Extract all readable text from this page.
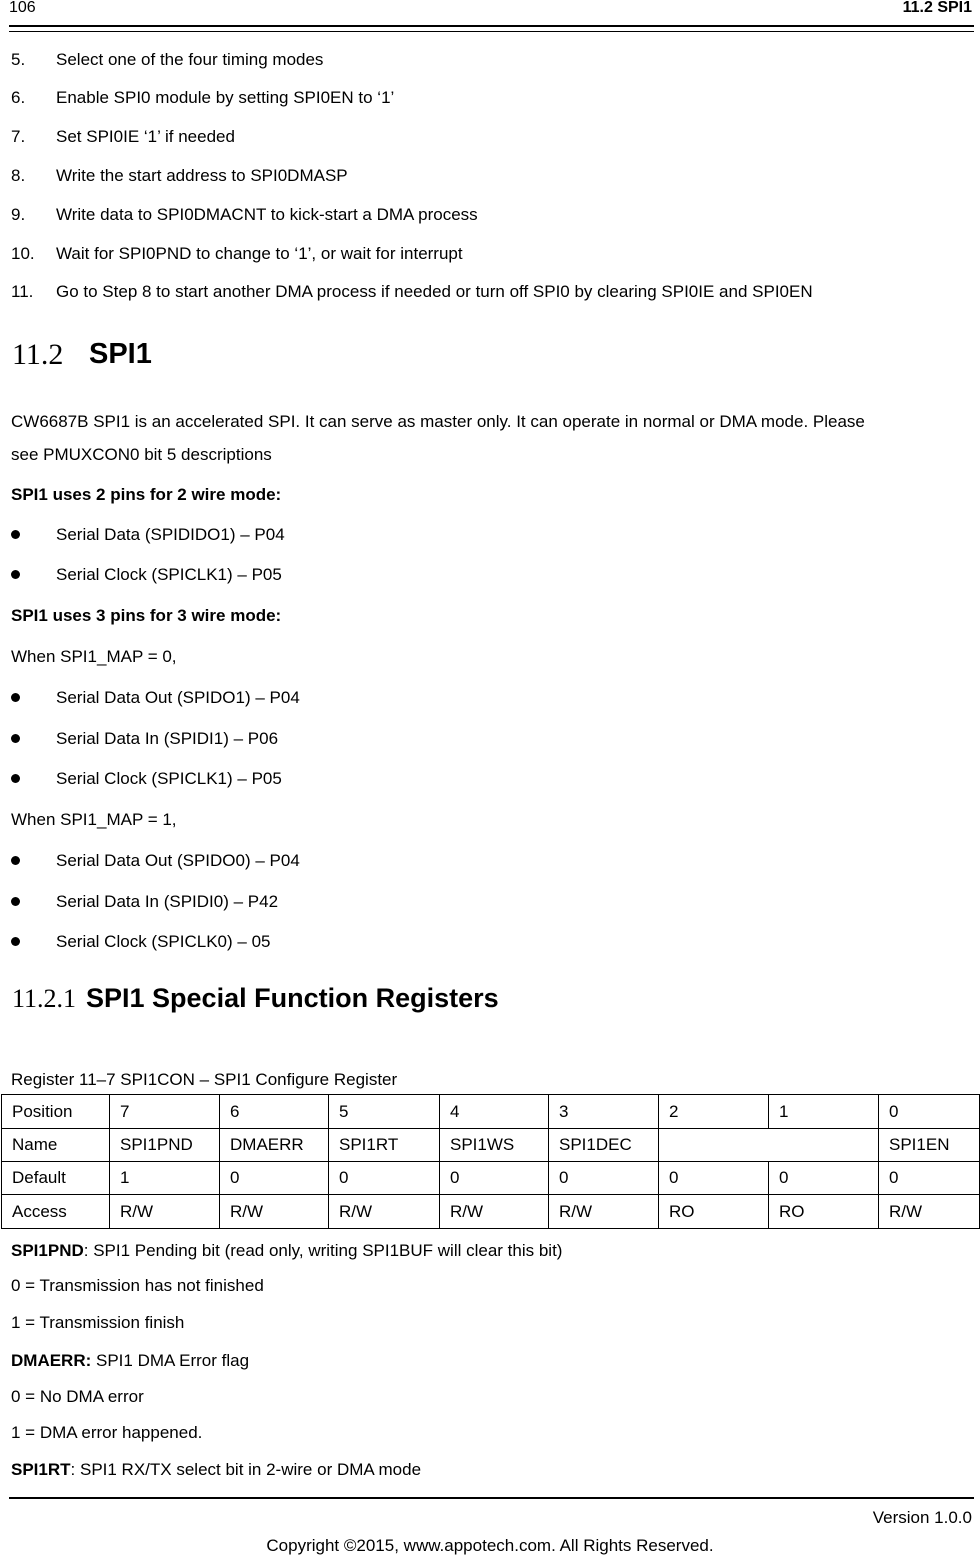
106	11.2 SPI1
5. Select one of the four timing modes
6. Enable SPI0 module by setting SPI0EN to ‘1’
7. Set SPI0IE ‘1’ if needed
8. Write the start address to SPI0DMASP
9. Write data to SPI0DMACNT to kick-start a DMA process
10. Wait for SPI0PND to change to ‘1’, or wait for interrupt
11. Go to Step 8 to start another DMA process if needed or turn off SPI0 by clearing SPI0IE and SPI0EN
11.2 SPI1
CW6687B SPI1 is an accelerated SPI. It can serve as master only. It can operate in normal or DMA mode. Please
see PMUXCON0 bit 5 descriptions
SPI1 uses 2 pins for 2 wire mode:
Serial Data (SPIDIDO1) – P04
Serial Clock (SPICLK1) – P05
SPI1 uses 3 pins for 3 wire mode:
When SPI1_MAP = 0,
Serial Data Out (SPIDO1) – P04
Serial Data In (SPIDI1) – P06
Serial Clock (SPICLK1) – P05
When SPI1_MAP = 1,
Serial Data Out (SPIDO0) – P04
Serial Data In (SPIDI0) – P42
Serial Clock (SPICLK0) – 05
11.2.1 SPI1 Special Function Registers
Register 11–7 SPI1CON – SPI1 Configure Register
Position	7	6	5	4	3	2	1	0
Name	SPI1PND	DMAERR	SPI1RT	SPI1WS	SPI1DEC			SPI1EN
Default	1	0	0	0	0	0	0	0
Access	R/W	R/W	R/W	R/W	R/W	RO	RO	R/W
SPI1PND: SPI1 Pending bit (read only, writing SPI1BUF will clear this bit)
0 = Transmission has not finished
1 = Transmission finish
DMAERR: SPI1 DMA Error flag
0 = No DMA error
1 = DMA error happened.
SPI1RT: SPI1 RX/TX select bit in 2-wire or DMA mode
Version 1.0.0
Copyright ©2015, www.appotech.com. All Rights Reserved.
